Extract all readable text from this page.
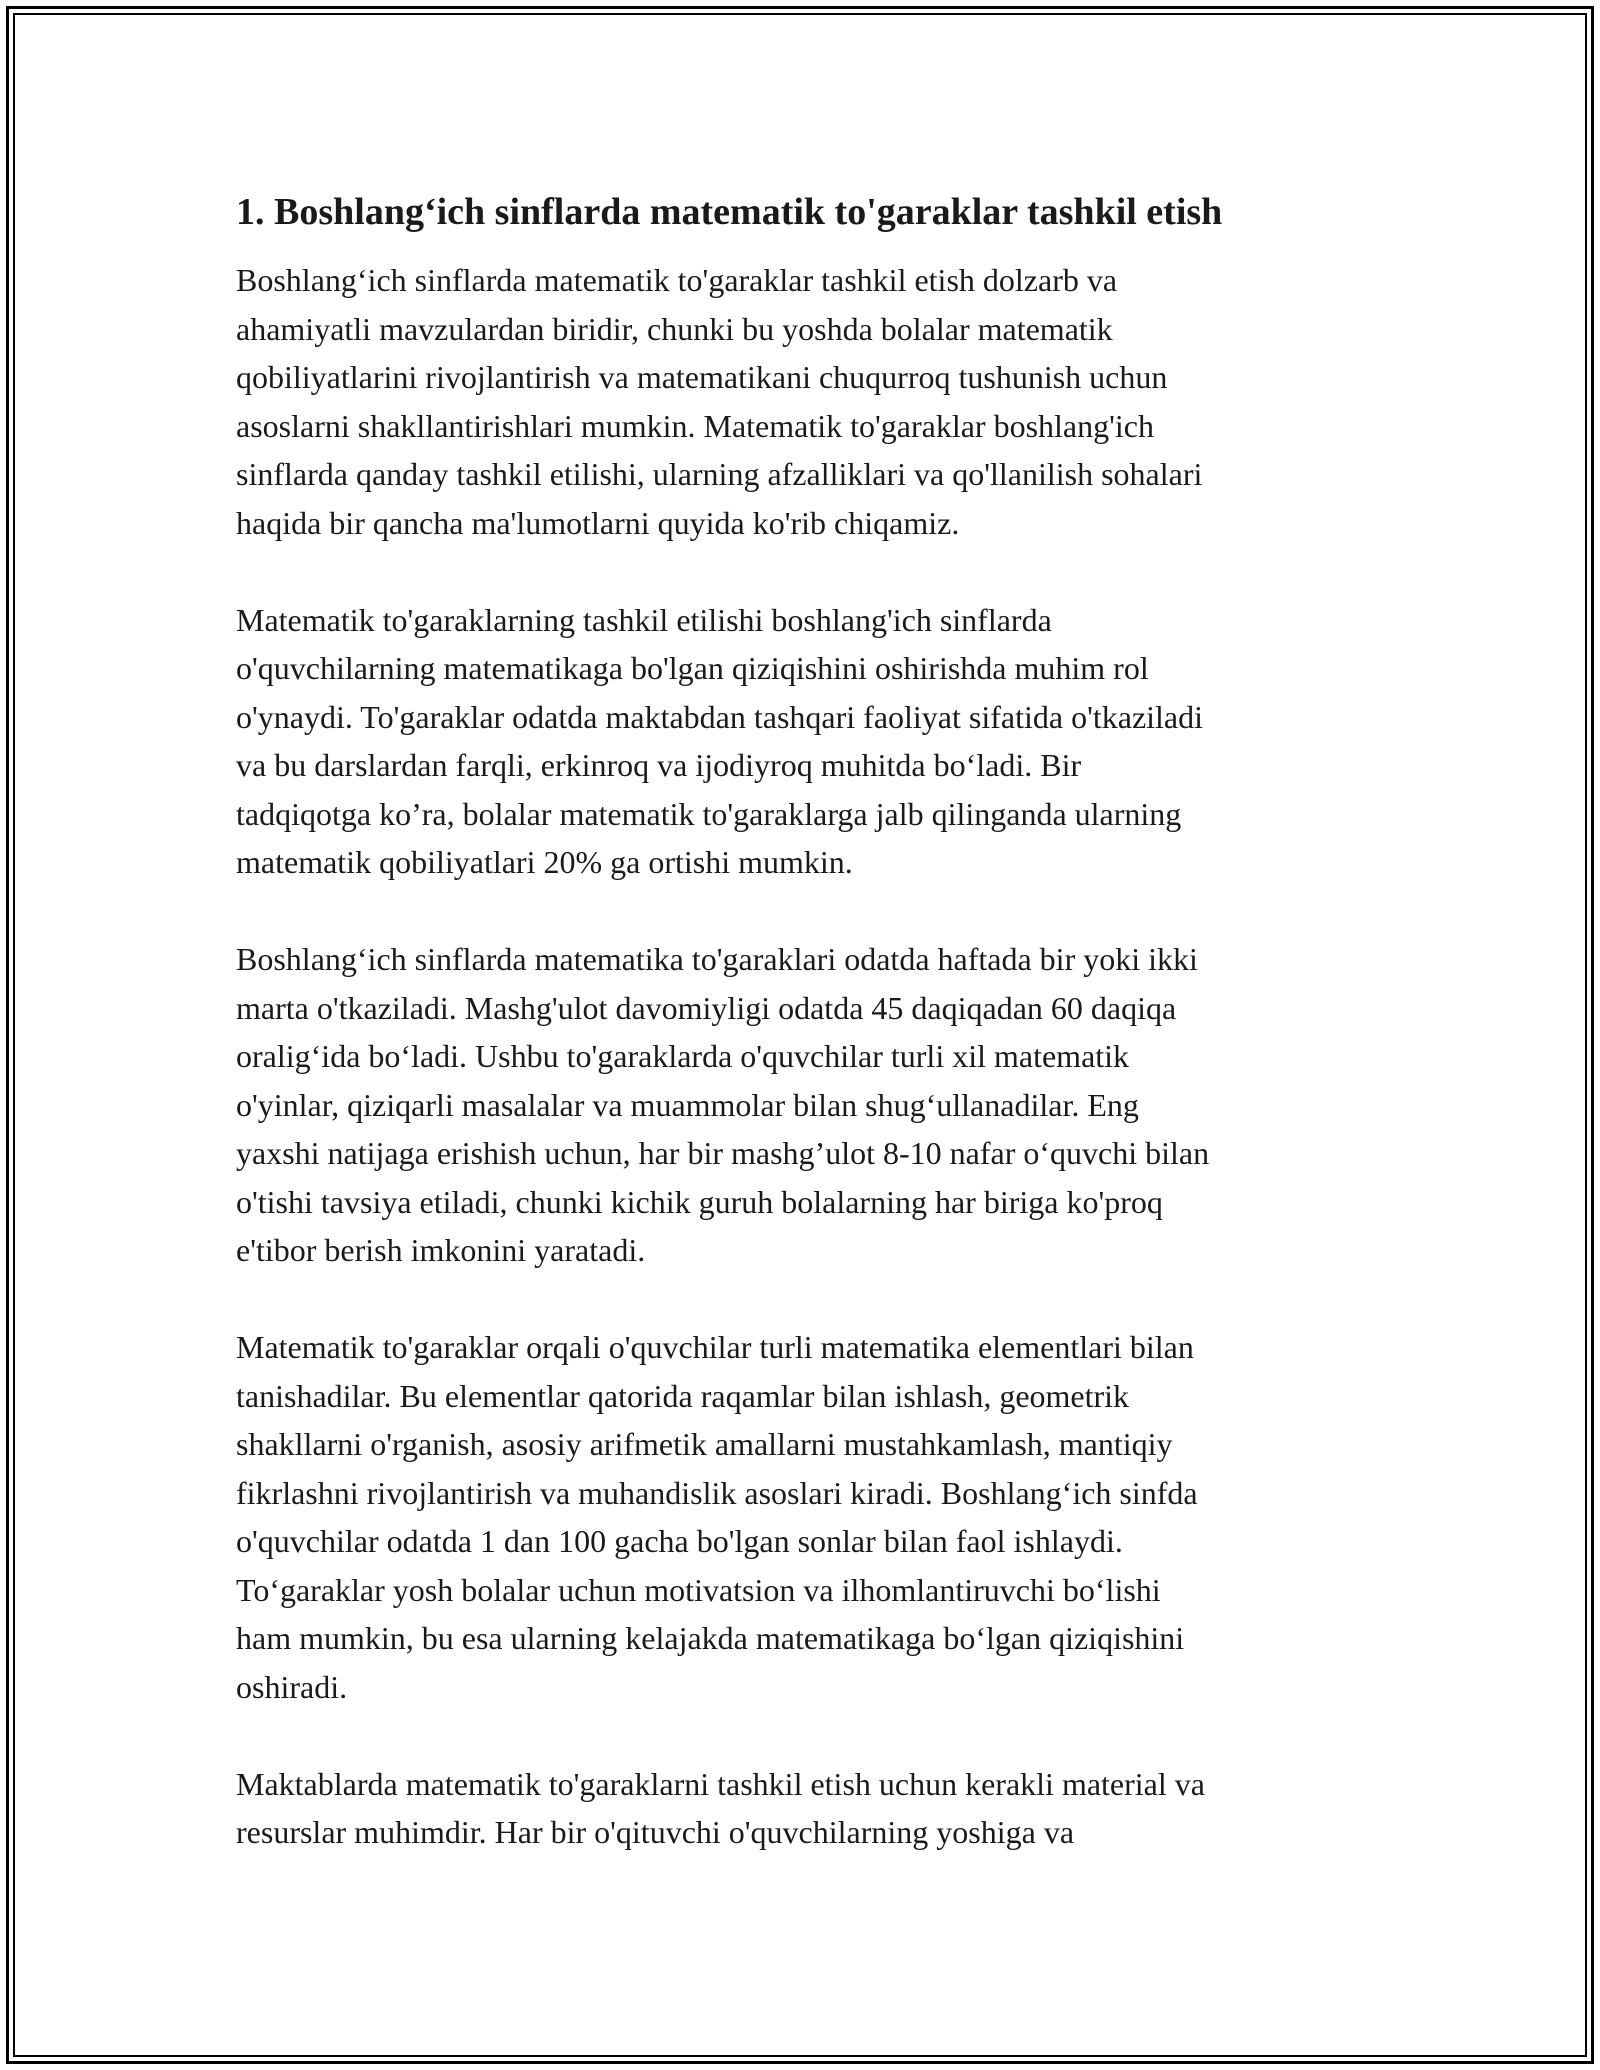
1. Boshlang‘ich sinflarda matematik to'garaklar tashkil etish

Boshlang‘ich sinflarda matematik to'garaklar tashkil etish dolzarb va
ahamiyatli mavzulardan biridir, chunki bu yoshda bolalar matematik
qobiliyatlarini rivojlantirish va matematikani chuqurroq tushunish uchun
asoslarni shakllantirishlari mumkin. Matematik to'garaklar boshlang'ich
sinflarda qanday tashkil etilishi, ularning afzalliklari va qo'llanilish sohalari
haqida bir qancha ma'lumotlarni quyida ko'rib chiqamiz.

Matematik to'garaklarning tashkil etilishi boshlang'ich sinflarda
o'quvchilarning matematikaga bo'lgan qiziqishini oshirishda muhim rol
o'ynaydi. To'garaklar odatda maktabdan tashqari faoliyat sifatida o'tkaziladi
va bu darslardan farqli, erkinroq va ijodiyroq muhitda bo‘ladi. Bir
tadqiqotga ko’ra, bolalar matematik to'garaklarga jalb qilinganda ularning
matematik qobiliyatlari 20% ga ortishi mumkin.

Boshlang‘ich sinflarda matematika to'garaklari odatda haftada bir yoki ikki
marta o'tkaziladi. Mashg'ulot davomiyligi odatda 45 daqiqadan 60 daqiqa
oralig‘ida bo‘ladi. Ushbu to'garaklarda o'quvchilar turli xil matematik
o'yinlar, qiziqarli masalalar va muammolar bilan shug‘ullanadilar. Eng
yaxshi natijaga erishish uchun, har bir mashg’ulot 8-10 nafar o‘quvchi bilan
o'tishi tavsiya etiladi, chunki kichik guruh bolalarning har biriga ko'proq
e'tibor berish imkonini yaratadi.

Matematik to'garaklar orqali o'quvchilar turli matematika elementlari bilan
tanishadilar. Bu elementlar qatorida raqamlar bilan ishlash, geometrik
shakllarni o'rganish, asosiy arifmetik amallarni mustahkamlash, mantiqiy
fikrlashni rivojlantirish va muhandislik asoslari kiradi. Boshlang‘ich sinfda
o'quvchilar odatda 1 dan 100 gacha bo'lgan sonlar bilan faol ishlaydi.
To‘garaklar yosh bolalar uchun motivatsion va ilhomlantiruvchi bo‘lishi
ham mumkin, bu esa ularning kelajakda matematikaga bo‘lgan qiziqishini
oshiradi.

Maktablarda matematik to'garaklarni tashkil etish uchun kerakli material va
resurslar muhimdir. Har bir o'qituvchi o'quvchilarning yoshiga va
